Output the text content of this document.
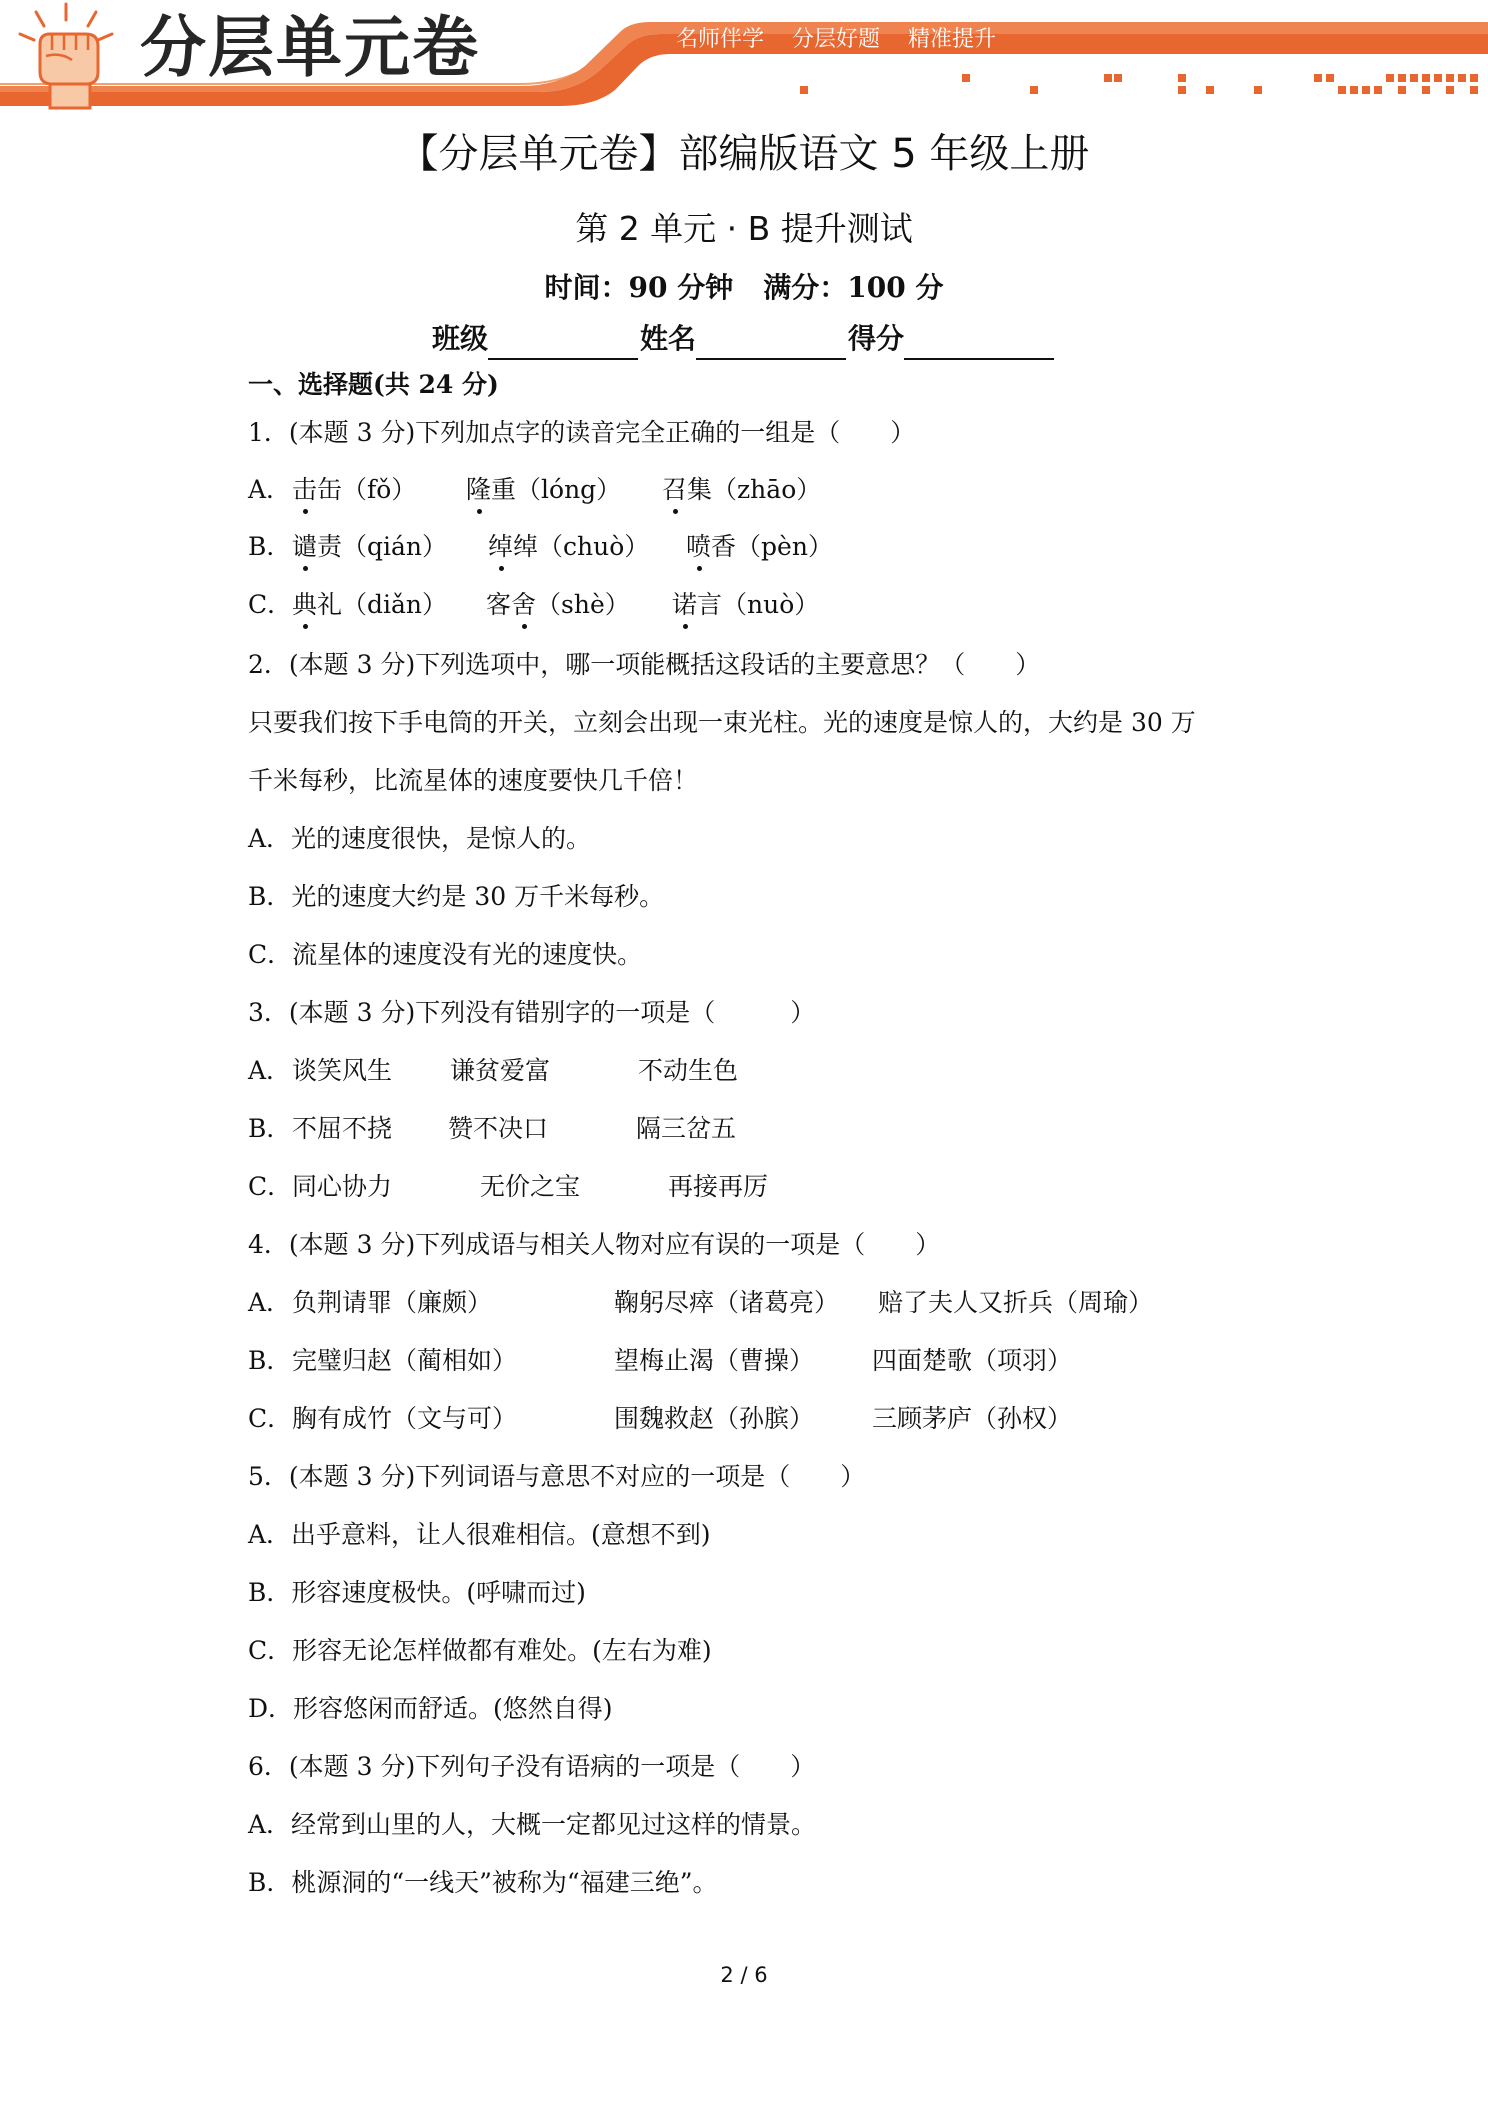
分层单元卷	名师伴学 分层好题 精准提升
【分层单元卷】部编版语文 5 年级上册
第 2 单元 · B 提升测试
时间：90 分钟 满分：100 分
班级	姓名	得分
一、选择题(共 24 分)
1．(本题 3 分)下列加点字的读音完全正确的一组是（　　）
A． 击缶（fǒ） 隆重（lóng） 召集（zhāo）
B． 谴责（qián） 绰绰（chuò） 喷香（pèn）
C． 典礼（diǎn） 客舍（shè） 诺言（nuò）
2．(本题 3 分)下列选项中，哪一项能概括这段话的主要意思？（　　）
只要我们按下手电筒的开关，立刻会出现一束光柱。光的速度是惊人的，大约是 30 万
千米每秒，比流星体的速度要快几千倍！
A．光的速度很快，是惊人的。
B．光的速度大约是 30 万千米每秒。
C．流星体的速度没有光的速度快。
3．(本题 3 分)下列没有错别字的一项是（　　　）
A． 谈笑风生 谦贫爱富	不动生色
B． 不屈不挠 赞不决口	隔三岔五
C． 同心协力	无价之宝	再接再厉
4．(本题 3 分)下列成语与相关人物对应有误的一项是（　　）
A． 负荆请罪（廉颇）	鞠躬尽瘁（诸葛亮） 赔了夫人又折兵（周瑜）
B． 完璧归赵（蔺相如）	望梅止渴（曹操） 四面楚歌（项羽）
C． 胸有成竹（文与可）	围魏救赵（孙膑） 三顾茅庐（孙权）
5．(本题 3 分)下列词语与意思不对应的一项是（　　）
A．出乎意料，让人很难相信。(意想不到)
B．形容速度极快。(呼啸而过)
C．形容无论怎样做都有难处。(左右为难)
D．形容悠闲而舒适。(悠然自得)
6．(本题 3 分)下列句子没有语病的一项是（　　）
A．经常到山里的人，大概一定都见过这样的情景。
B．桃源洞的“一线天”被称为“福建三绝”。
2 / 6
